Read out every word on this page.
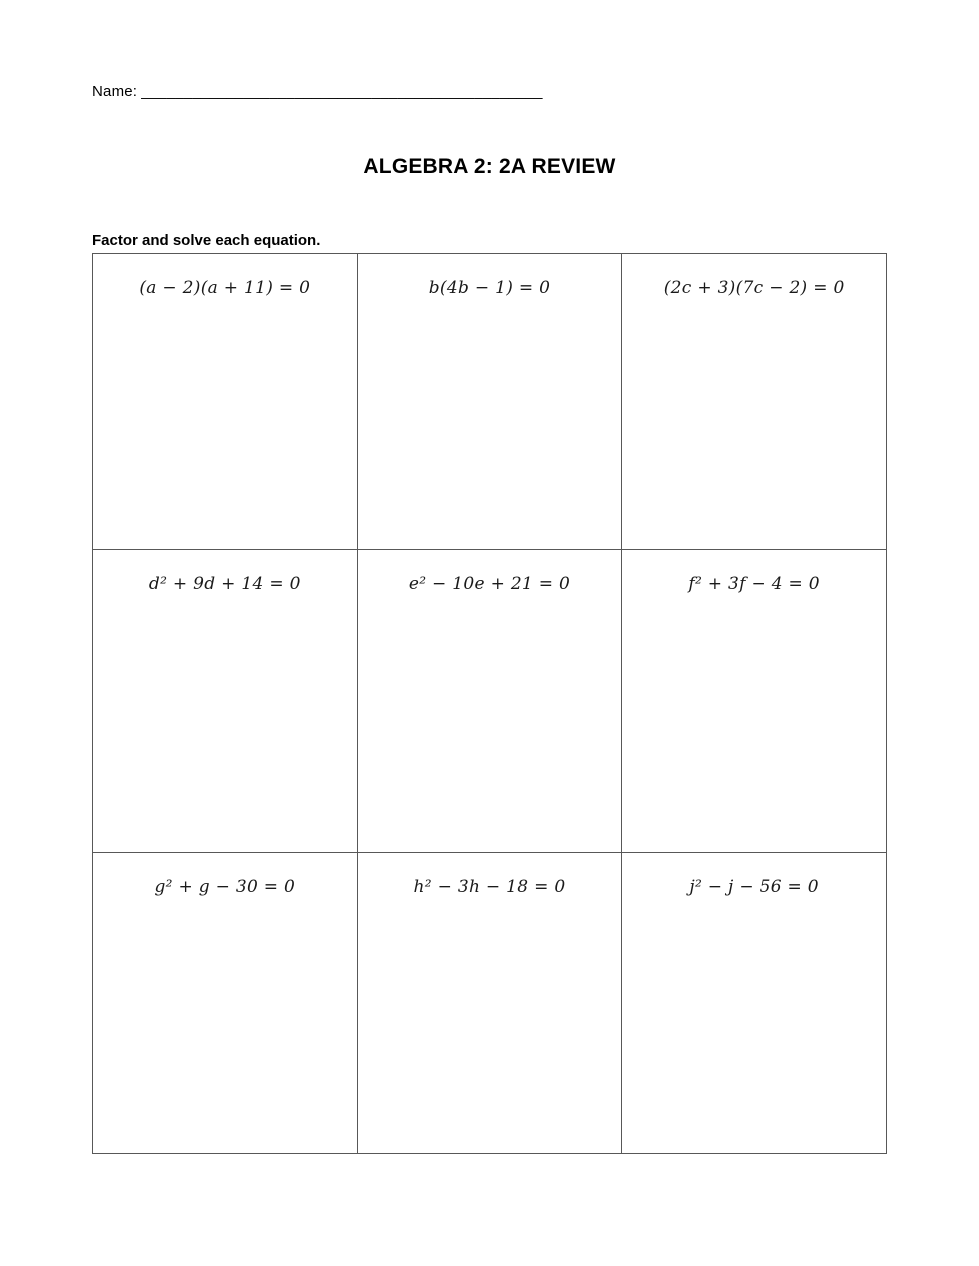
Name: _______________________________________________
ALGEBRA 2: 2A REVIEW
Factor and solve each equation.
(a − 2)(a + 11) = 0	b(4b − 1) = 0	(2c + 3)(7c − 2) = 0
d² + 9d + 14 = 0	e² − 10e + 21 = 0	f² + 3f − 4 = 0
g² + g − 30 = 0	h² − 3h − 18 = 0	j² − j − 56 = 0
